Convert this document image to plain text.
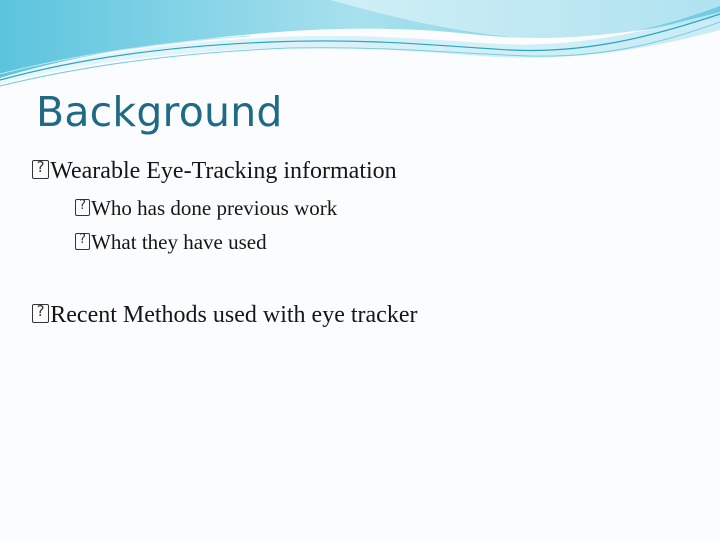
Background
?Wearable Eye-Tracking information
?Who has done previous work
?What they have used
?Recent Methods used with eye tracker
